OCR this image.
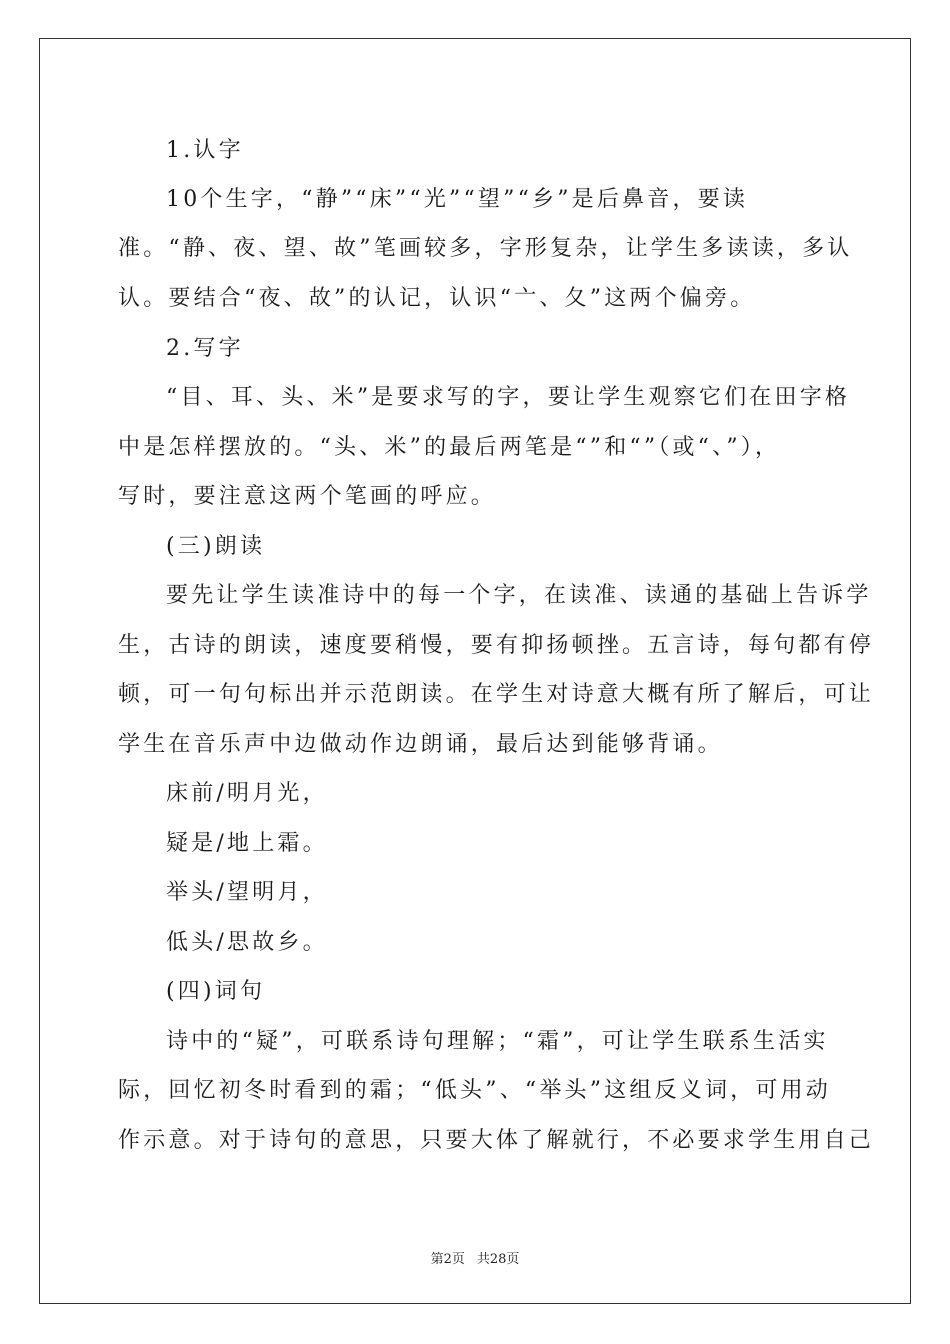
1.认字
10个生字，“静”“床”“光”“望”“乡”是后鼻音，要读
准。“静、夜、望、故”笔画较多，字形复杂，让学生多读读，多认
认。要结合“夜、故”的认记，认识“亠、夂”这两个偏旁。
2.写字
“目、耳、头、米”是要求写的字，要让学生观察它们在田字格
中是怎样摆放的。“头、米”的最后两笔是“”和“”（或“、”），
写时，要注意这两个笔画的呼应。
(三)朗读
要先让学生读准诗中的每一个字，在读准、读通的基础上告诉学
生，古诗的朗读，速度要稍慢，要有抑扬顿挫。五言诗，每句都有停
顿，可一句句标出并示范朗读。在学生对诗意大概有所了解后，可让
学生在音乐声中边做动作边朗诵，最后达到能够背诵。
床前/明月光，
疑是/地上霜。
举头/望明月，
低头/思故乡。
(四)词句
诗中的“疑”，可联系诗句理解；“霜”，可让学生联系生活实
际，回忆初冬时看到的霜；“低头”、“举头”这组反义词，可用动
作示意。对于诗句的意思，只要大体了解就行，不必要求学生用自己
第2页 共28页
